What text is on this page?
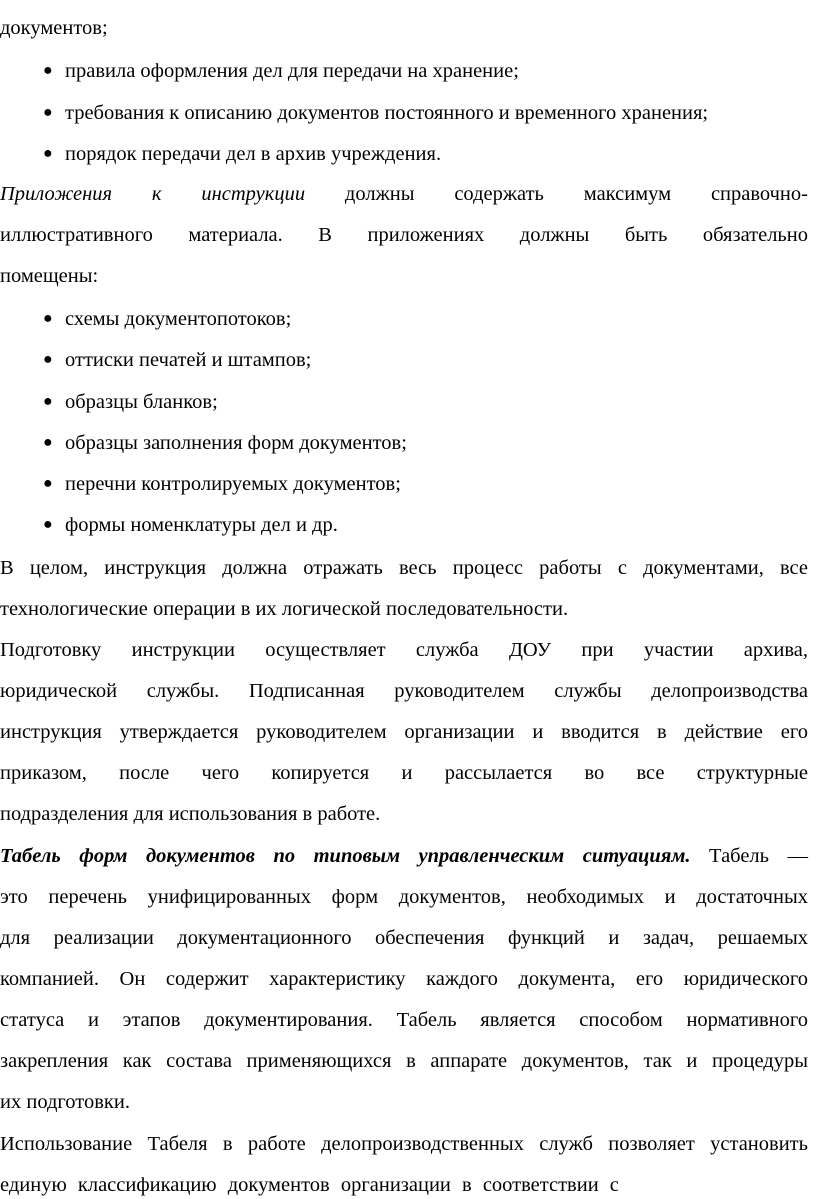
документов;
● правила оформления дел для передачи на хранение;
● требования к описанию документов постоянного и временного хранения;
● порядок передачи дел в архив учреждения.
Приложения к инструкции должны содержать максимум справочно-
иллюстративного материала. В приложениях должны быть обязательно
помещены:
● схемы документопотоков;
● оттиски печатей и штампов;
● образцы бланков;
● образцы заполнения форм документов;
● перечни контролируемых документов;
● формы номенклатуры дел и др.
В целом, инструкция должна отражать весь процесс работы с документами, все
технологические операции в их логической последовательности.
Подготовку инструкции осуществляет служба ДОУ при участии архива,
юридической службы. Подписанная руководителем службы делопроизводства
инструкция утверждается руководителем организации и вводится в действие его
приказом, после чего копируется и рассылается во все структурные
подразделения для использования в работе.
Табель форм документов по типовым управленческим ситуациям. Табель —
это перечень унифицированных форм документов, необходимых и достаточных
для реализации документационного обеспечения функций и задач, решаемых
компанией. Он содержит характеристику каждого документа, его юридического
статуса и этапов документирования. Табель является способом нормативного
закрепления как состава применяющихся в аппарате документов, так и процедуры
их подготовки.
Использование Табеля в работе делопроизводственных служб позволяет установить
единую классификацию документов организации в соответствии с
